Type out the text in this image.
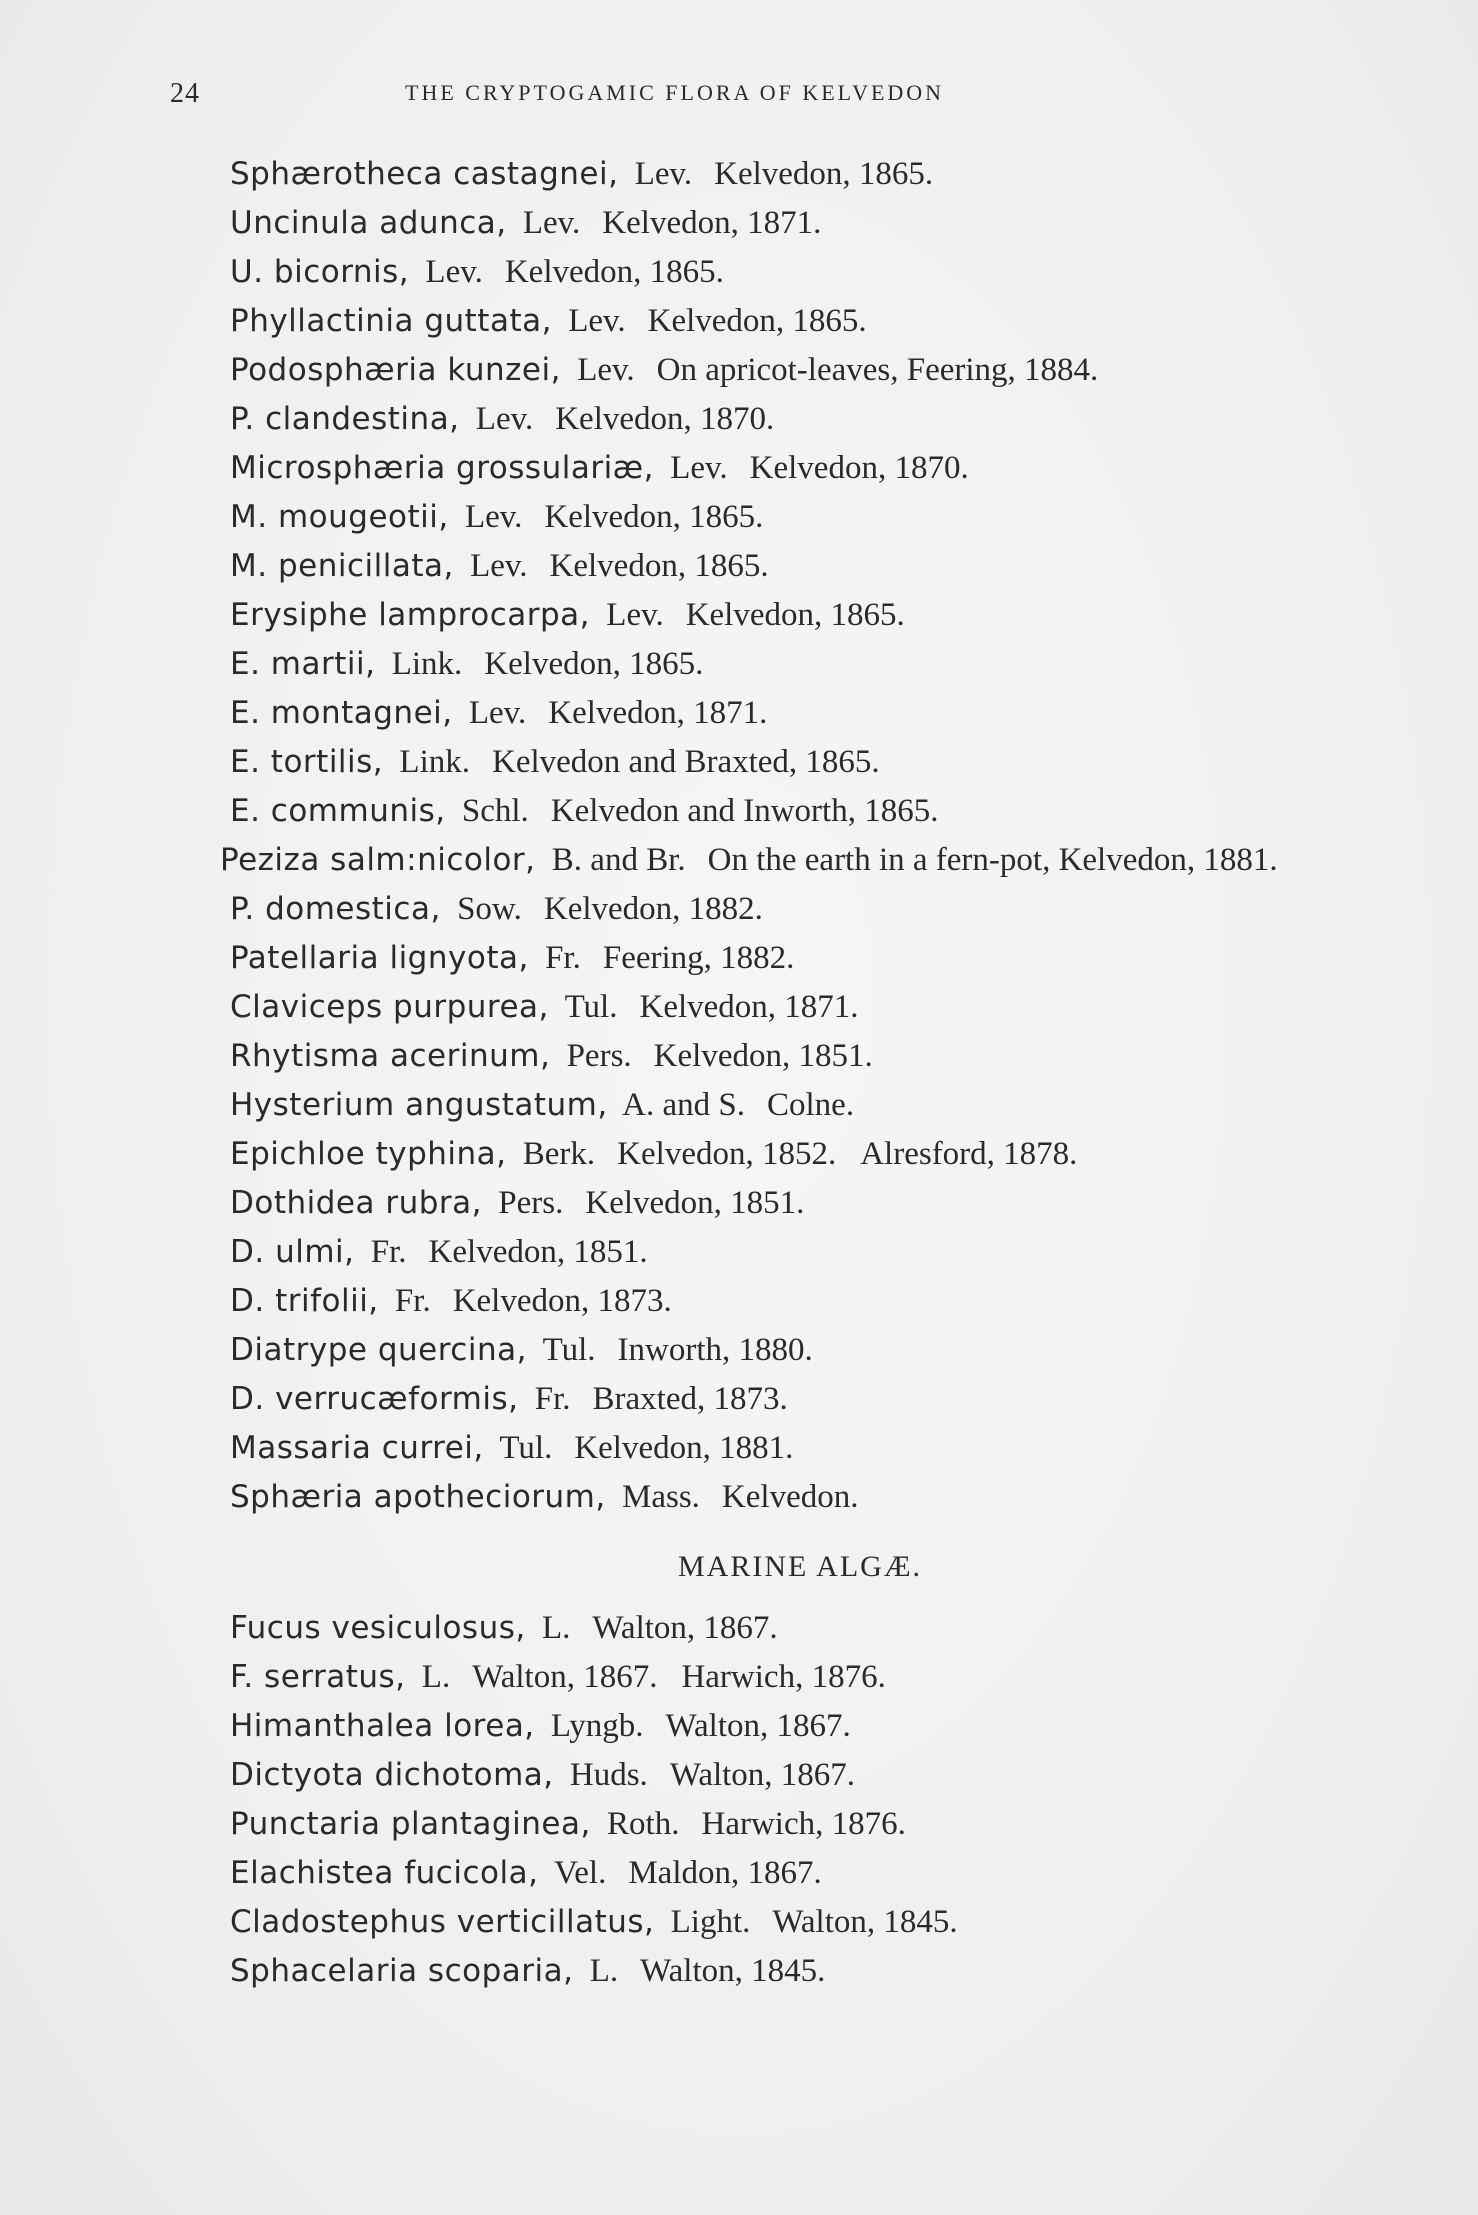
24	THE CRYPTOGAMIC FLORA OF KELVEDON
Sphærotheca castagnei, Lev. Kelvedon, 1865.
Uncinula adunca, Lev. Kelvedon, 1871.
U. bicornis, Lev. Kelvedon, 1865.
Phyllactinia guttata, Lev. Kelvedon, 1865.
Podosphæria kunzei, Lev. On apricot-leaves, Feering, 1884.
P. clandestina, Lev. Kelvedon, 1870.
Microsphæria grossulariæ, Lev. Kelvedon, 1870.
M. mougeotii, Lev. Kelvedon, 1865.
M. penicillata, Lev. Kelvedon, 1865.
Erysiphe lamprocarpa, Lev. Kelvedon, 1865.
E. martii, Link. Kelvedon, 1865.
E. montagnei, Lev. Kelvedon, 1871.
E. tortilis, Link. Kelvedon and Braxted, 1865.
E. communis, Schl. Kelvedon and Inworth, 1865.
Peziza salm:nicolor, B. and Br. On the earth in a fern-pot, Kelvedon, 1881.
P. domestica, Sow. Kelvedon, 1882.
Patellaria lignyota, Fr. Feering, 1882.
Claviceps purpurea, Tul. Kelvedon, 1871.
Rhytisma acerinum, Pers. Kelvedon, 1851.
Hysterium angustatum, A. and S. Colne.
Epichloe typhina, Berk. Kelvedon, 1852. Alresford, 1878.
Dothidea rubra, Pers. Kelvedon, 1851.
D. ulmi, Fr. Kelvedon, 1851.
D. trifolii, Fr. Kelvedon, 1873.
Diatrype quercina, Tul. Inworth, 1880.
D. verrucæformis, Fr. Braxted, 1873.
Massaria currei, Tul. Kelvedon, 1881.
Sphæria apotheciorum, Mass. Kelvedon.
MARINE ALGÆ.
Fucus vesiculosus, L. Walton, 1867.
F. serratus, L. Walton, 1867. Harwich, 1876.
Himanthalea lorea, Lyngb. Walton, 1867.
Dictyota dichotoma, Huds. Walton, 1867.
Punctaria plantaginea, Roth. Harwich, 1876.
Elachistea fucicola, Vel. Maldon, 1867.
Cladostephus verticillatus, Light. Walton, 1845.
Sphacelaria scoparia, L. Walton, 1845.
